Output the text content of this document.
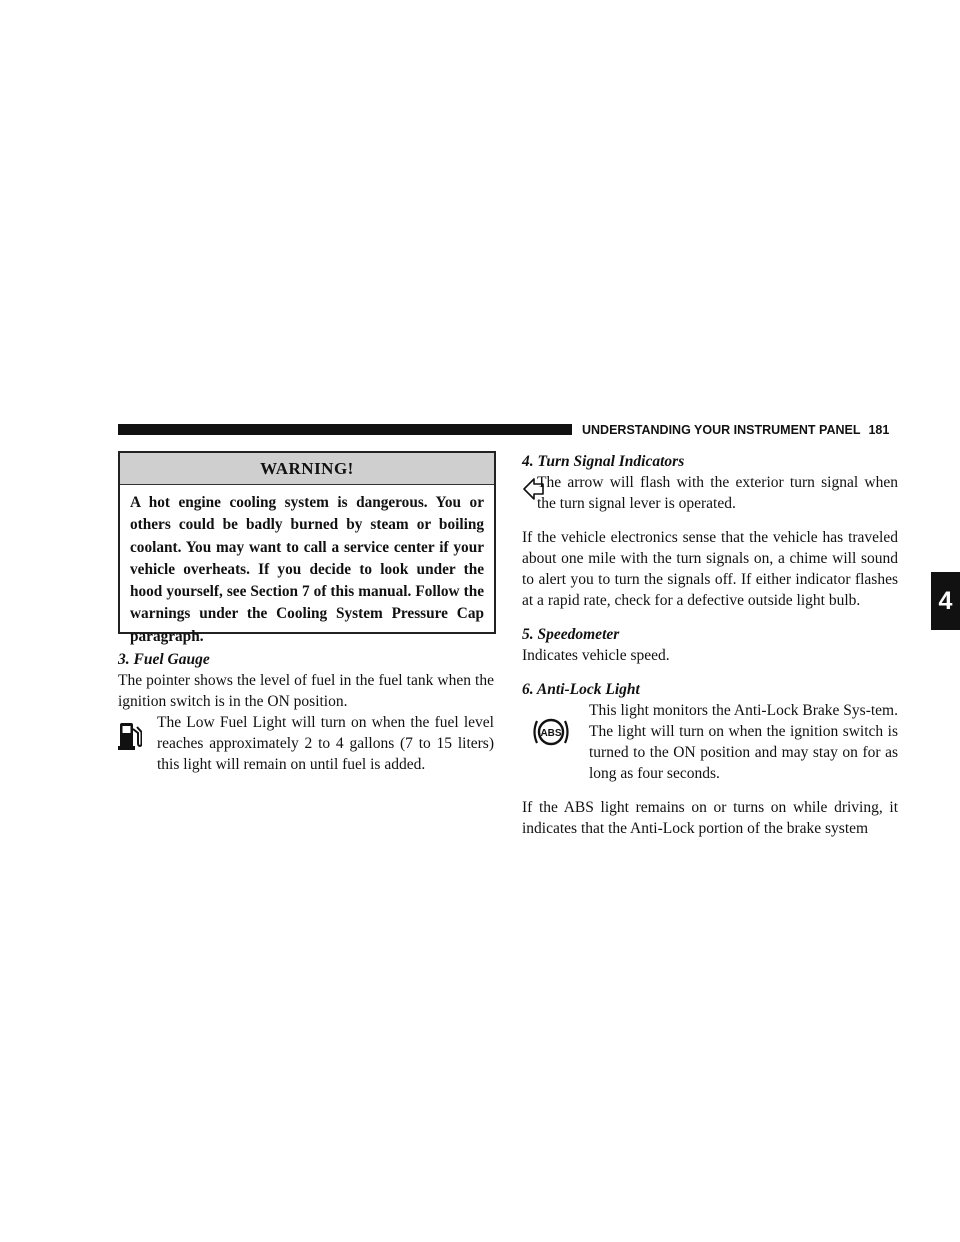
UNDERSTANDING YOUR INSTRUMENT PANEL 181
4
WARNING!
A hot engine cooling system is dangerous. You or others could be badly burned by steam or boiling coolant. You may want to call a service center if your vehicle overheats. If you decide to look under the hood yourself, see Section 7 of this manual. Follow the warnings under the Cooling System Pressure Cap paragraph.

3. Fuel Gauge

The pointer shows the level of fuel in the fuel tank when the ignition switch is in the ON position.

The Low Fuel Light will turn on when the fuel level reaches approximately 2 to 4 gallons (7 to 15 liters) this light will remain on until fuel is added.

4. Turn Signal Indicators

The arrow will flash with the exterior turn signal when the turn signal lever is operated.

If the vehicle electronics sense that the vehicle has traveled about one mile with the turn signals on, a chime will sound to alert you to turn the signals off. If either indicator flashes at a rapid rate, check for a defective outside light bulb.

5. Speedometer

Indicates vehicle speed.

6. Anti-Lock Light

ABS

This light monitors the Anti-Lock Brake Sys-tem. The light will turn on when the ignition switch is turned to the ON position and may stay on for as long as four seconds.

If the ABS light remains on or turns on while driving, it indicates that the Anti-Lock portion of the brake system
